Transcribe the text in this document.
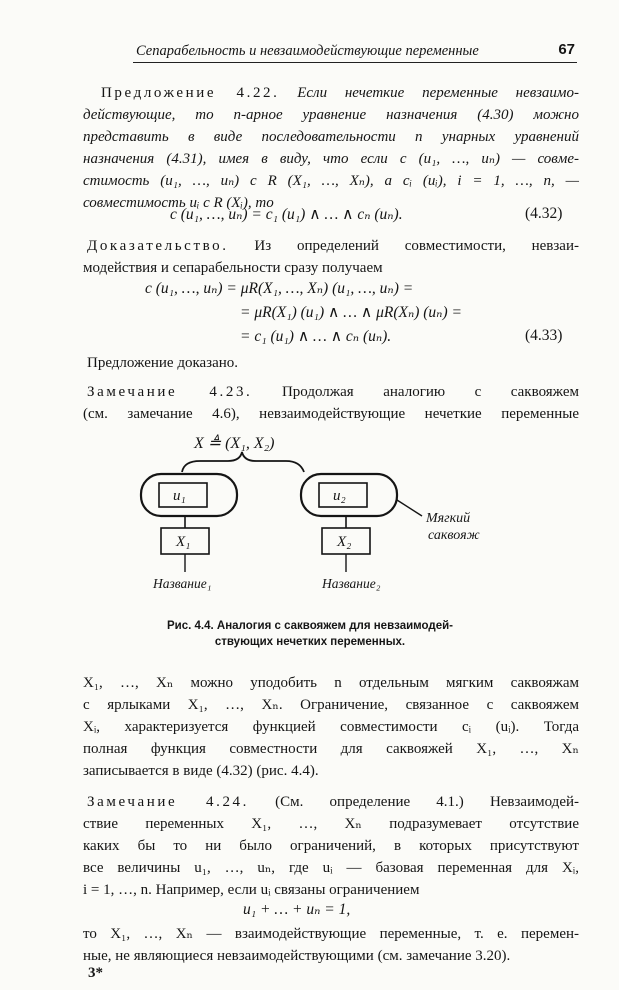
Сепарабельность и невзаимодействующие переменные	67
Предложение 4.22. Если нечеткие переменные невзаимо-
действующие, то n-арное уравнение назначения (4.30) можно
представить в виде последовательности n унарных уравнений
назначения (4.31), имея в виду, что если c (u₁, …, uₙ) — совме-
стимость (u₁, …, uₙ) с R (X₁, …, Xₙ), а cᵢ (uᵢ), i = 1, …, n, —
совместимость uᵢ с R (Xᵢ), то
c (u₁, …, uₙ) = c₁ (u₁) ∧ … ∧ cₙ (uₙ).	(4.32)
Доказательство. Из определений совместимости, невзаи-
модействия и сепарабельности сразу получаем
c (u₁, …, uₙ) = μR(X₁, …, Xₙ) (u₁, …, uₙ) =
= μR(X₁) (u₁) ∧ … ∧ μR(Xₙ) (uₙ) =
= c₁ (u₁) ∧ … ∧ cₙ (uₙ).	(4.33)
Предложение доказано.
Замечание 4.23. Продолжая аналогию с саквояжем
(см. замечание 4.6), невзаимодействующие нечеткие переменные
X ≜ (X₁, X₂)
u₁
X₁
Название₁
u₂
X₂
Название₂
Мягкий
саквояж
Рис. 4.4. Аналогия с саквояжем для невзаимодей-
ствующих нечетких переменных.
X₁, …, Xₙ можно уподобить n отдельным мягким саквояжам
с ярлыками X₁, …, Xₙ. Ограничение, связанное с саквояжем
Xᵢ, характеризуется функцией совместимости cᵢ (uᵢ). Тогда
полная функция совместности для саквояжей X₁, …, Xₙ
записывается в виде (4.32) (рис. 4.4).
Замечание 4.24. (См. определение 4.1.) Невзаимодей-
ствие переменных X₁, …, Xₙ подразумевает отсутствие
каких бы то ни было ограничений, в которых присутствуют
все величины u₁, …, uₙ, где uᵢ — базовая переменная для Xᵢ,
i = 1, …, n. Например, если uᵢ связаны ограничением
u₁ + … + uₙ = 1,
то X₁, …, Xₙ — взаимодействующие переменные, т. е. перемен-
ные, не являющиеся невзаимодействующими (см. замечание 3.20).
3*
